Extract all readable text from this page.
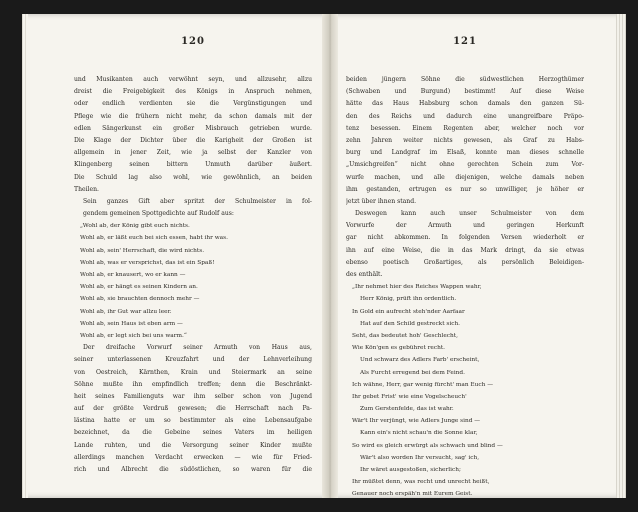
120
und Musikanten auch verwöhnt seyn, und allzusehr, allzu
dreist die Freigebigkeit des Königs in Anspruch nehmen,
oder endlich verdienten sie die Vergünstigungen und
Pflege wie die frühern nicht mehr, da schon damals mit der
edlen Sängerkunst ein großer Misbrauch getrieben wurde.
Die Klage der Dichter über die Karigheit der Großen ist
allgemein in jener Zeit, wie ja selbst der Kanzler von
Klingenberg seinen bittern Unmuth darüber äußert.
Die Schuld lag also wohl, wie gewöhnlich, an beiden
Theilen.
Sein ganzes Gift aber spritzt der Schulmeister in fol-
gendem gemeinen Spottgedichte auf Rudolf aus:
„Wohl ab, der König gibt euch nichts.
Wohl ab, er läßt euch bei sich essen, habt ihr was.
Wohl ab, sein' Herrschaft, die wird nichts.
Wohl ab, was er versprichst, das ist ein Spaß!
Wohl ab, er knausert, wo er kann —
Wohl ab, er hängt es seinen Kindern an.
Wohl ab, sie brauchten dennoch mehr —
Wohl ab, ihr Gut war allzu leer.
Wohl ab, sein Haus ist eben arm —
Wohl ab, er legt sich bei uns warm.“
Der dreifache Vorwurf seiner Armuth von Haus aus,
seiner unterlassenen Kreuzfahrt und der Lehnverleihung
von Oestreich, Kärnthen, Krain und Steiermark an seine
Söhne mußte ihn empfindlich treffen; denn die Beschränkt-
heit seines Familienguts war ihm selber schon von Jugend
auf der größte Verdruß gewesen; die Herrschaft nach Pa-
lästina hatte er um so bestimmter als eine Lebensaufgabe
bezeichnet, da die Gebeine seines Vaters im heiligen
Lande ruhten, und die Versorgung seiner Kinder mußte
allerdings manchen Verdacht erwecken — wie für Fried-
rich und Albrecht die südöstlichen, so waren für die
121
beiden jüngern Söhne die südwestlichen Herzogthümer
(Schwaben und Burgund) bestimmt! Auf diese Weise
hätte das Haus Habsburg schon damals den ganzen Sü-
den des Reichs und dadurch eine unangreifbare Präpo-
tenz besessen. Einem Regenten aber, welcher noch vor
zehn Jahren weiter nichts gewesen, als Graf zu Habs-
burg und Landgraf im Elsaß, konnte man dieses schnelle
„Umsichgreifen“ nicht ohne gerechten Schein zum Vor-
wurfe machen, und alle diejenigen, welche damals neben
ihm gestanden, ertrugen es nur so unwilliger, je höher er
jetzt über ihnen stand.
Deswegen kann auch unser Schulmeister von dem
Vorwurfe der Armuth und geringen Herkunft
gar nicht abkommen. In folgenden Versen wiederholt er
ihn auf eine Weise, die in das Mark dringt, da sie etwas
ebenso poetisch Großartiges, als persönlich Beleidigen-
des enthält.
„Ihr nehmet hier des Reiches Wappen wahr,
Herr König, prüft ihn ordentlich.
In Gold ein aufrecht steh'nder Aarfaar
Hat auf den Schild gestreckt sich.
Seht, das bedeutet hoh' Geschlecht,
Wie Kön'gen es gebühret recht.
Und schwarz des Adlers Farb' erscheint,
Als Furcht erregend bei dem Feind.
Ich wähne, Herr, gar wenig fürcht' man Euch —
Ihr gebet Frist' wie eine Vogelscheuch'
Zum Gerstenfelde, das ist wahr.
Wär't Ihr verjüngt, wie Adlers Junge sind —
Kann ein's nicht schau'n die Sonne klar,
So wird es gleich erwürgt als schwach und blind —
Wär't also worden Ihr versucht, sag' ich,
Ihr wäret ausgestoßen, sicherlich;
Ihr müßtet denn, was recht und unrecht heißt,
Genauer noch erspäh'n mit Eurem Geist.
